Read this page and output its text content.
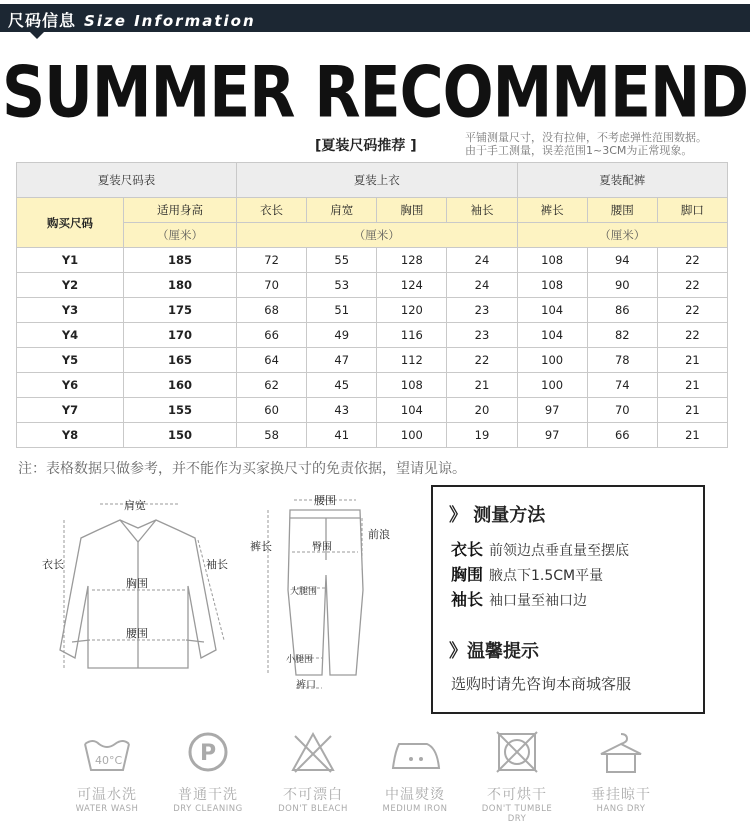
尺码信息 Size Information
SUMMER RECOMMEND
[夏装尺码推荐 ]
平铺测量尺寸，没有拉伸，不考虑弹性范围数据。
由于手工测量，误差范围1~3CM为正常现象。
夏装尺码表		夏装上衣				夏装配裤		
购买尺码	适用身高	衣长	肩宽	胸围	袖长	裤长	腰围	脚口
	（厘米）	（厘米）				（厘米）		
Y1	185	72	55	128	24	108	94	22
Y2	180	70	53	124	24	108	90	22
Y3	175	68	51	120	23	104	86	22
Y4	170	66	49	116	23	104	82	22
Y5	165	64	47	112	22	100	78	21
Y6	160	62	45	108	21	100	74	21
Y7	155	60	43	104	20	97	70	21
Y8	150	58	41	100	19	97	66	21
注：表格数据只做参考，并不能作为买家换尺寸的免责依据，望请见谅。
肩宽
衣长	袖长
胸围
腰围
腰围
裤长
前浪
臀围
大腿围
小腿围
裤口
》 测量方法
衣长 前领边点垂直量至摆底
胸围 腋点下1.5CM平量
袖长 袖口量至袖口边
》温馨提示
选购时请先咨询本商城客服
40°C
可温水洗
WATER WASH
P
普通干洗
DRY CLEANING
不可漂白
DON'T BLEACH
中温熨烫
MEDIUM IRON
不可烘干
DON'T TUMBLE DRY
垂挂晾干
HANG DRY
